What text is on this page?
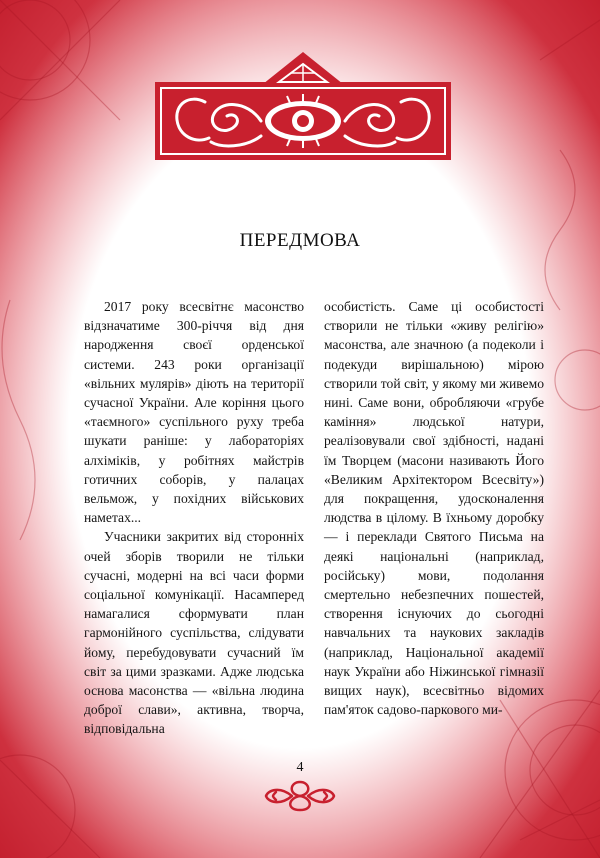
ПЕРЕДМОВА

2017 року всесвітнє масонство відзначатиме 300-річчя від дня народження своєї орденської системи. 243 роки організації «вільних мулярів» діють на території сучасної України. Але коріння цього «таємного» суспільного руху треба шукати раніше: у лабораторіях алхіміків, у робітнях майстрів готичних соборів, у палацах вельмож, у похідних військових наметах...

Учасники закритих від сторонніх очей зборів творили не тільки сучасні, модерні на всі часи форми соціальної комунікації. Насамперед намагалися сформувати план гармонійного суспільства, слідувати йому, перебудовувати сучасний їм світ за цими зразками. Адже людська основа масонства — «вільна людина доброї слави», активна, творча, відповідальна

особистість. Саме ці особистості створили не тільки «живу релігію» масонства, але значною (а подеколи і подекуди вирішальною) мірою створили той світ, у якому ми живемо нині. Саме вони, обробляючи «грубе каміння» людської натури, реалізовували свої здібності, надані їм Творцем (масони називають Його «Великим Архітектором Всесвіту») для покращення, удосконалення людства в цілому. В їхньому доробку — і переклади Святого Письма на деякі національні (наприклад, російську) мови, подолання смертельно небезпечних пошестей, створення існуючих до сьогодні навчальних та наукових закладів (наприклад, Національної академії наук України або Ніжинської гімназії вищих наук), всесвітньо відомих пам'яток садово-паркового ми-

4
